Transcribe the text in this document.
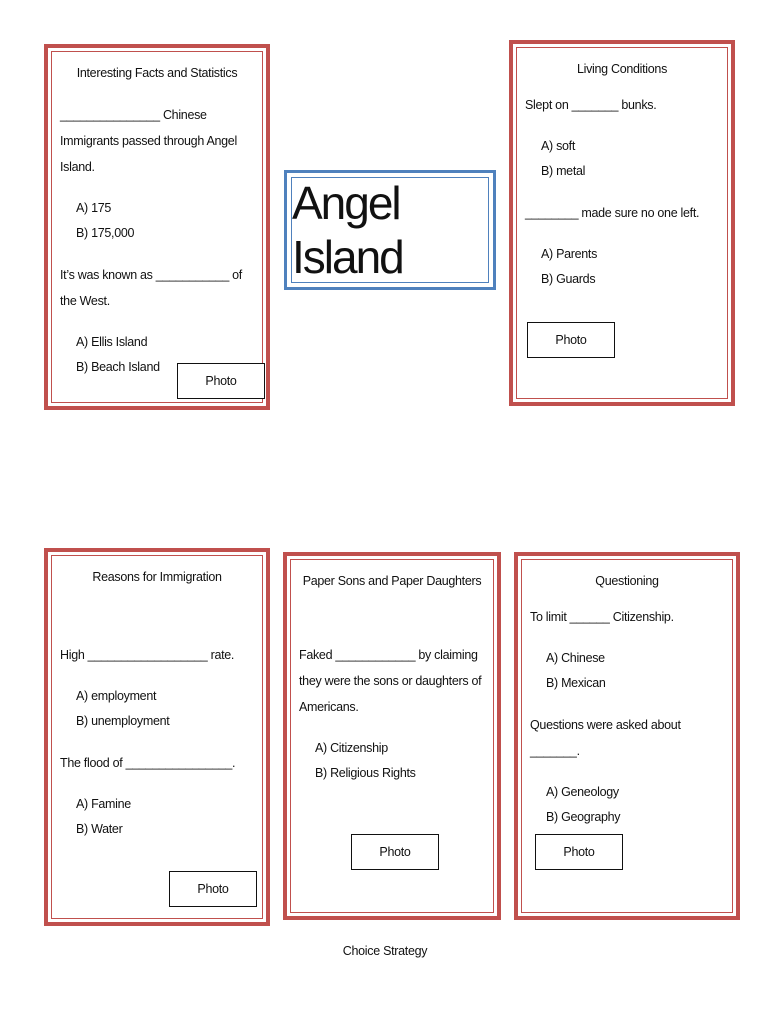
Interesting Facts and Statistics

_______________ Chinese Immigrants passed through Angel Island.

A) 175
B) 175,000

It’s was known as ___________ of the West.

A) Ellis Island
B) Beach Island
Photo
Angel Island

Living Conditions

Slept on _______ bunks.

A) soft
B) metal

________ made sure no one left.

A) Parents
B) Guards
Photo

Reasons for Immigration

High __________________ rate.

A) employment
B) unemployment

The flood of ________________.

A) Famine
B) Water
Photo

Paper Sons and Paper Daughters

Faked ____________ by claiming they were the sons or daughters of Americans.

A) Citizenship
B) Religious Rights
Photo

Questioning

To limit ______ Citizenship.

A) Chinese
B) Mexican

Questions were asked about _______.

A) Geneology
B) Geography
Photo
Choice Strategy
